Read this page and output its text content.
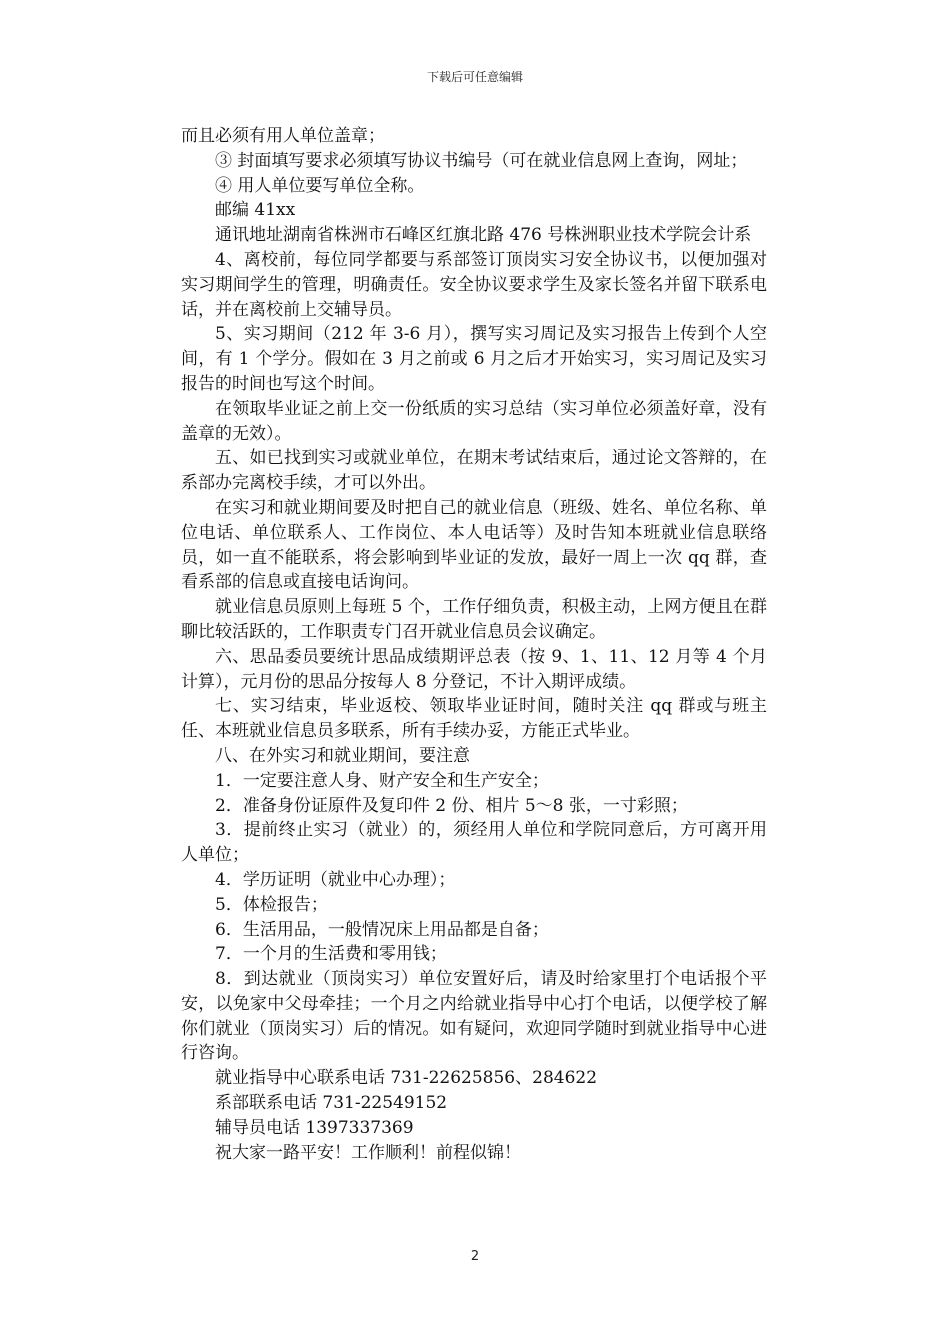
下载后可任意编辑

而且必须有用人单位盖章；

③ 封面填写要求必须填写协议书编号（可在就业信息网上查询，网址；

④ 用人单位要写单位全称。

邮编 41xx

通讯地址湖南省株洲市石峰区红旗北路 476 号株洲职业技术学院会计系

4、离校前，每位同学都要与系部签订顶岗实习安全协议书，以便加强对实习期间学生的管理，明确责任。安全协议要求学生及家长签名并留下联系电话，并在离校前上交辅导员。

5、实习期间（212 年 3-6 月），撰写实习周记及实习报告上传到个人空间，有 1 个学分。假如在 3 月之前或 6 月之后才开始实习，实习周记及实习报告的时间也写这个时间。

在领取毕业证之前上交一份纸质的实习总结（实习单位必须盖好章，没有盖章的无效）。

五、如已找到实习或就业单位，在期末考试结束后，通过论文答辩的，在系部办完离校手续，才可以外出。

在实习和就业期间要及时把自己的就业信息（班级、姓名、单位名称、单位电话、单位联系人、工作岗位、本人电话等）及时告知本班就业信息联络员，如一直不能联系，将会影响到毕业证的发放，最好一周上一次 qq 群，查看系部的信息或直接电话询问。

就业信息员原则上每班 5 个，工作仔细负责，积极主动，上网方便且在群聊比较活跃的，工作职责专门召开就业信息员会议确定。

六、思品委员要统计思品成绩期评总表（按 9、1、11、12 月等 4 个月计算），元月份的思品分按每人 8 分登记，不计入期评成绩。

七、实习结束，毕业返校、领取毕业证时间，随时关注 qq 群或与班主任、本班就业信息员多联系，所有手续办妥，方能正式毕业。

八、在外实习和就业期间，要注意

1．一定要注意人身、财产安全和生产安全；

2．准备身份证原件及复印件 2 份、相片 5～8 张，一寸彩照；

3．提前终止实习（就业）的，须经用人单位和学院同意后，方可离开用人单位；

4．学历证明（就业中心办理）；

5．体检报告；

6．生活用品，一般情况床上用品都是自备；

7．一个月的生活费和零用钱；

8．到达就业（顶岗实习）单位安置好后，请及时给家里打个电话报个平安，以免家中父母牵挂；一个月之内给就业指导中心打个电话，以便学校了解你们就业（顶岗实习）后的情况。如有疑问，欢迎同学随时到就业指导中心进行咨询。

就业指导中心联系电话 731-22625856、284622

系部联系电话 731-22549152

辅导员电话 1397337369

祝大家一路平安！工作顺利！前程似锦！

2
